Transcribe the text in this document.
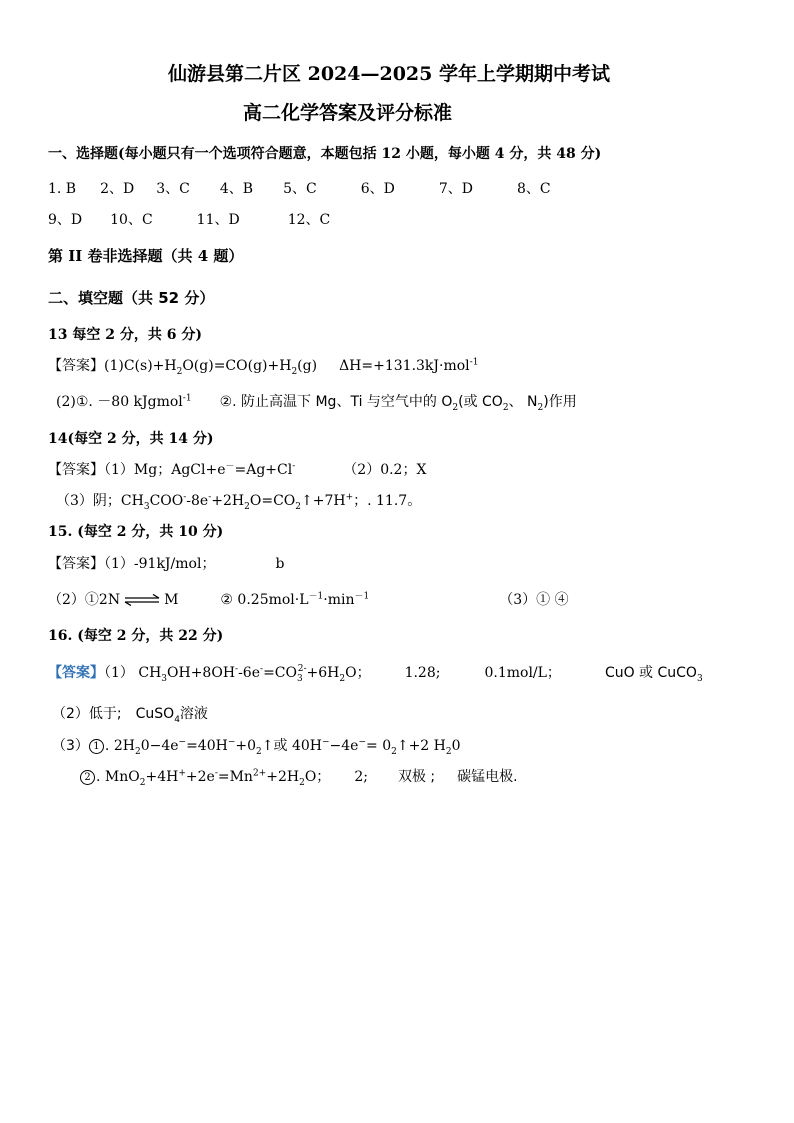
仙游县第二片区 2024—2025 学年上学期期中考试
高二化学答案及评分标准
一、选择题(每小题只有一个选项符合题意，本题包括 12 小题，每小题 4 分，共 48 分)
1. B 2、D 3、C 4、B 5、C	6、D	7、D	8、C
9、D 10、C	11、D	12、C
第 II 卷非选择题（共 4 题）
二、填空题（共 52 分）
13 每空 2 分，共 6 分)
【答案】$(1)C(s)+H_2O(g)=CO(g)+H_2(g)$ ΔH=+131.3kJ·mol$^{-1}$
(2)①. －80 kJgmol$^{-1}$ ②. 防止高温下 Mg、Ti 与空气中的 $O_2$(或 $CO_2$、 $N_2$)作用
14(每空 2 分，共 14 分)
【答案】（1）Mg；AgCl+e－=Ag+Cl-	（2）0.2；X
（3）阴；$CH_3COO^--8e^-+2H_2O=CO_2↑+7H^+$；. 11.7。
15. (每空 2 分，共 10 分)
【答案】（1）-91kJ/mol；	b
（2）①2N ⇌ M	② $0.25mol\cdot L^{-1}\cdot\min^{-1}$	（3）① ④
16. (每空 2 分，共 22 分)
【答案】（1） $CH_3OH+8OH^--6e^-=CO_3^{2-}+6H_2O$； 1.28;	0.1mol/L；	CuO 或 CuCO$_3$
（2）低于; CuSO$_4$溶液
（3） 1 . $2H_20-4e^-=40H^-+0_2↑$或 $40H^--4e^-= 0_2↑+2$ $H_20$
2 . $MnO_2+4H^++2e^-=Mn^{2+}+2H_2O$； 2; 双极 ; 碳锰电极.
